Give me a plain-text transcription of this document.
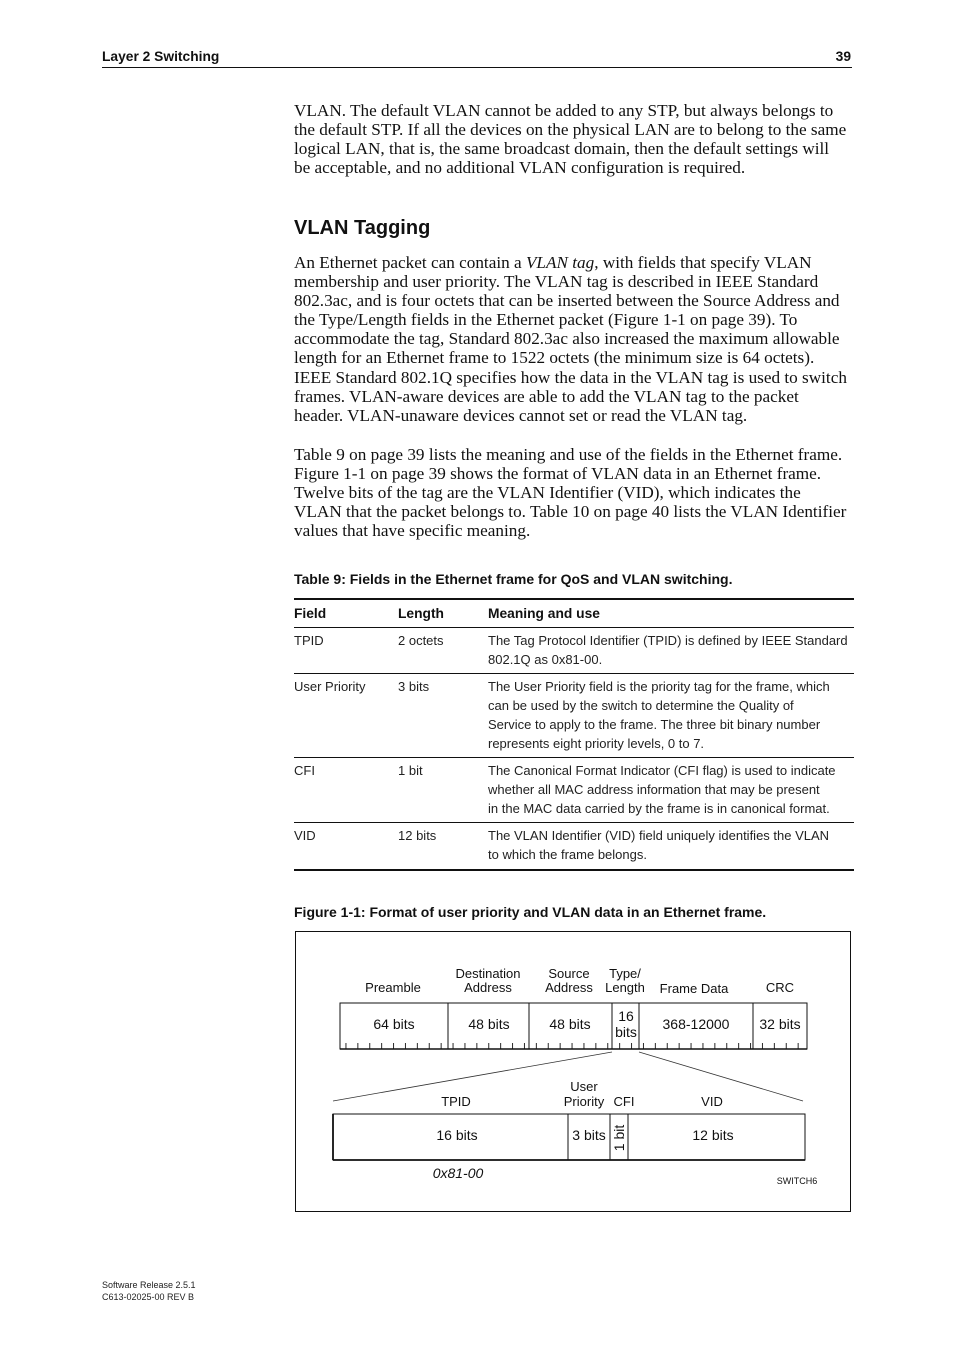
Layer 2 Switching	39

VLAN. The default VLAN cannot be added to any STP, but always belongs to
the default STP. If all the devices on the physical LAN are to belong to the same
logical LAN, that is, the same broadcast domain, then the default settings will
be acceptable, and no additional VLAN configuration is required.

VLAN Tagging

An Ethernet packet can contain a VLAN tag, with fields that specify VLAN
membership and user priority. The VLAN tag is described in IEEE Standard
802.3ac, and is four octets that can be inserted between the Source Address and
the Type/Length fields in the Ethernet packet (Figure 1-1 on page 39). To
accommodate the tag, Standard 802.3ac also increased the maximum allowable
length for an Ethernet frame to 1522 octets (the minimum size is 64 octets).
IEEE Standard 802.1Q specifies how the data in the VLAN tag is used to switch
frames. VLAN-aware devices are able to add the VLAN tag to the packet
header. VLAN-unaware devices cannot set or read the VLAN tag.

Table 9 on page 39 lists the meaning and use of the fields in the Ethernet frame.
Figure 1-1 on page 39 shows the format of VLAN data in an Ethernet frame.
Twelve bits of the tag are the VLAN Identifier (VID), which indicates the
VLAN that the packet belongs to. Table 10 on page 40 lists the VLAN Identifier
values that have specific meaning.

Table 9: Fields in the Ethernet frame for QoS and VLAN switching.

Field	Length	Meaning and use
TPID	2 octets	The Tag Protocol Identifier (TPID) is defined by IEEE Standard
802.1Q as 0x81-00.
User Priority	3 bits	The User Priority field is the priority tag for the frame, which
can be used by the switch to determine the Quality of
Service to apply to the frame. The three bit binary number
represents eight priority levels, 0 to 7.
CFI	1 bit	The Canonical Format Indicator (CFI flag) is used to indicate
whether all MAC address information that may be present
in the MAC data carried by the frame is in canonical format.
VID	12 bits	The VLAN Identifier (VID) field uniquely identifies the VLAN
to which the frame belongs.

Figure 1-1: Format of user priority and VLAN data in an Ethernet frame.

Preamble
Destination
Address
Source
Address
Type/
Length Frame Data	CRC
64 bits	48 bits	48 bits 16
bits 368-12000 32 bits
TPID
User
Priority CFI	VID
16 bits	3 bits 1 bit	12 bits
0x81-00	SWITCH6
Software Release 2.5.1
C613-02025-00 REV B
